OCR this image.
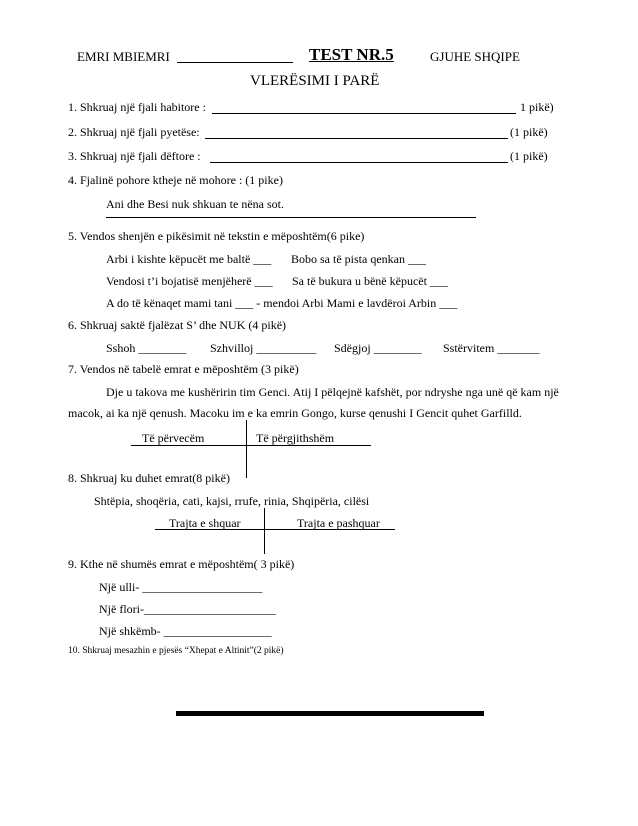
EMRI MBIEMRI	TEST NR.5	GJUHE SHQIPE
VLERËSIMI I PARË
1. Shkruaj një fjali habitore :	1 pikë)
2. Shkruaj një fjali pyetëse:	(1 pikë)
3. Shkruaj një fjali dëftore :	(1 pikë)
4. Fjalinë pohore ktheje në mohore : (1 pike)
Ani dhe Besi nuk shkuan te nëna sot.
5. Vendos shenjën e pikësimit në tekstin e mëposhtëm(6 pike)
Arbi i kishte këpucët me baltë ___ Bobo sa të pista qenkan ___
Vendosi t’i bojatisë menjëherë ___ Sa të bukura u bënë këpucët ___
A do të kënaqet mami tani ___ - mendoi Arbi Mami e lavdëroi Arbin ___
6. Shkruaj saktë fjalëzat S’ dhe NUK (4 pikë)
Sshoh ________ Szhvilloj __________ Sdëgjoj ________ Sstërvitem _______
7. Vendos në tabelë emrat e mëposhtëm (3 pikë)
Dje u takova me kushëririn tim Genci. Atij I pëlqejnë kafshët, por ndryshe nga unë që kam një
macok, ai ka një qenush. Macoku im e ka emrin Gongo, kurse qenushi I Gencit quhet Garfilld.
Të përvecëm	Të përgjithshëm
8. Shkruaj ku duhet emrat(8 pikë)
Shtëpia, shoqëria, cati, kajsi, rrufe, rinia, Shqipëria, cilësi
Trajta e shquar	Trajta e pashquar
9. Kthe në shumës emrat e mëposhtëm( 3 pikë)
Një ulli- ____________________
Një flori-______________________
Një shkëmb- __________________
10. Shkruaj mesazhin e pjesës “Xhepat e Altinit”(2 pikë)
